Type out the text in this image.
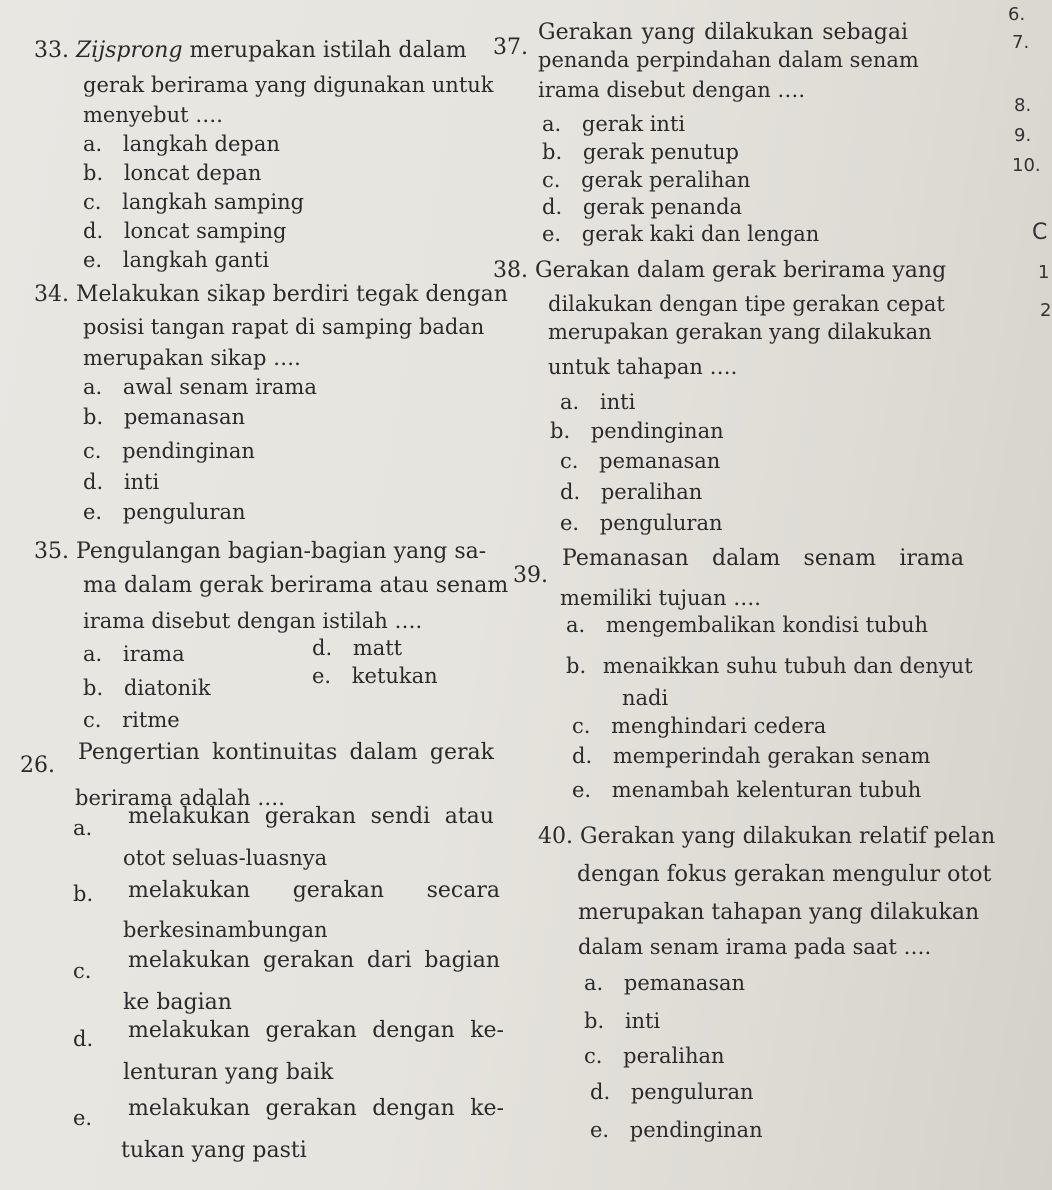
33. Zijsprong merupakan istilah dalam
gerak berirama yang digunakan untuk
menyebut ….
a. langkah depan
b. loncat depan
c. langkah samping
d. loncat samping
e. langkah ganti
34. Melakukan sikap berdiri tegak dengan
posisi tangan rapat di samping badan
merupakan sikap ….
a. awal senam irama
b. pemanasan
c. pendinginan
d. inti
e. penguluran
35. Pengulangan bagian-bagian yang sa-
ma dalam gerak berirama atau senam
irama disebut dengan istilah ….
a. irama	d. matt
b. diatonik	e. ketukan
c. ritme
26.
Pengertian kontinuitas dalam gerak
berirama adalah ….
a. melakukan gerakan sendi atau
otot seluas-luasnya
b. melakukan gerakan secara
berkesinambungan
c. melakukan gerakan dari bagian
ke bagian
d. melakukan gerakan dengan ke-
lenturan yang baik
e. melakukan gerakan dengan ke-
tukan yang pasti
37.
Gerakan yang dilakukan sebagai
penanda perpindahan dalam senam
irama disebut dengan ….
a. gerak inti
b. gerak penutup
c. gerak peralihan
d. gerak penanda
e. gerak kaki dan lengan
38. Gerakan dalam gerak berirama yang
dilakukan dengan tipe gerakan cepat
merupakan gerakan yang dilakukan
untuk tahapan ….
a. inti
b. pendinginan
c. pemanasan
d. peralihan
e. penguluran
39.
Pemanasan dalam senam irama
memiliki tujuan ….
a. mengembalikan kondisi tubuh
b. menaikkan suhu tubuh dan denyut
nadi
c. menghindari cedera
d. memperindah gerakan senam
e. menambah kelenturan tubuh
40. Gerakan yang dilakukan relatif pelan
dengan fokus gerakan mengulur otot
merupakan tahapan yang dilakukan
dalam senam irama pada saat ….
a. pemanasan
b. inti
c. peralihan
d. penguluran
e. pendinginan
6.
7.
8.
9.
10.
C
1
2
